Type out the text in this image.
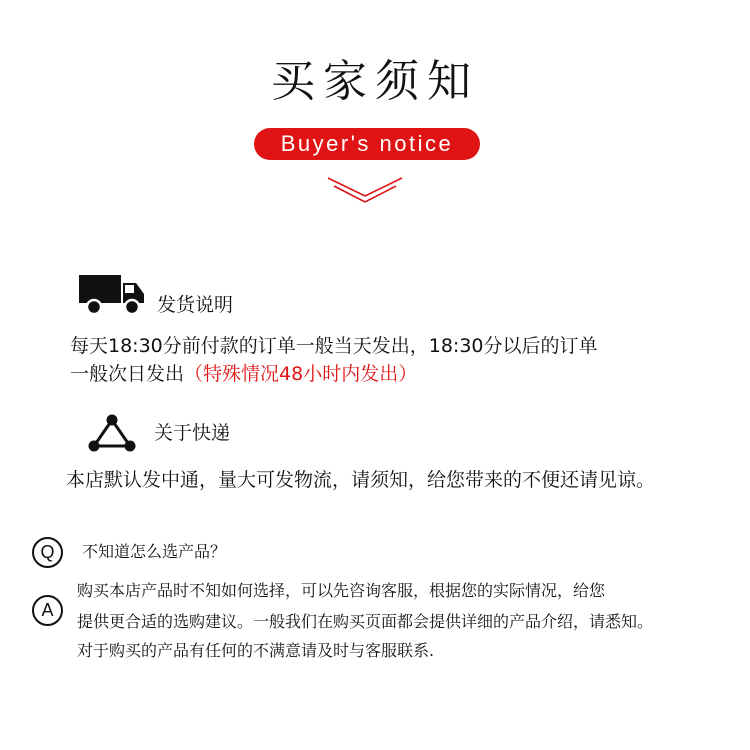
买家须知
Buyer's notice
发货说明
每天18:30分前付款的订单一般当天发出，18:30分以后的订单
一般次日发出（特殊情况48小时内发出）
关于快递
本店默认发中通，量大可发物流，请须知，给您带来的不便还请见谅。
Q	不知道怎么选产品？
A
购买本店产品时不知如何选择，可以先咨询客服，根据您的实际情况，给您
提供更合适的选购建议。一般我们在购买页面都会提供详细的产品介绍，请悉知。
对于购买的产品有任何的不满意请及时与客服联系.
